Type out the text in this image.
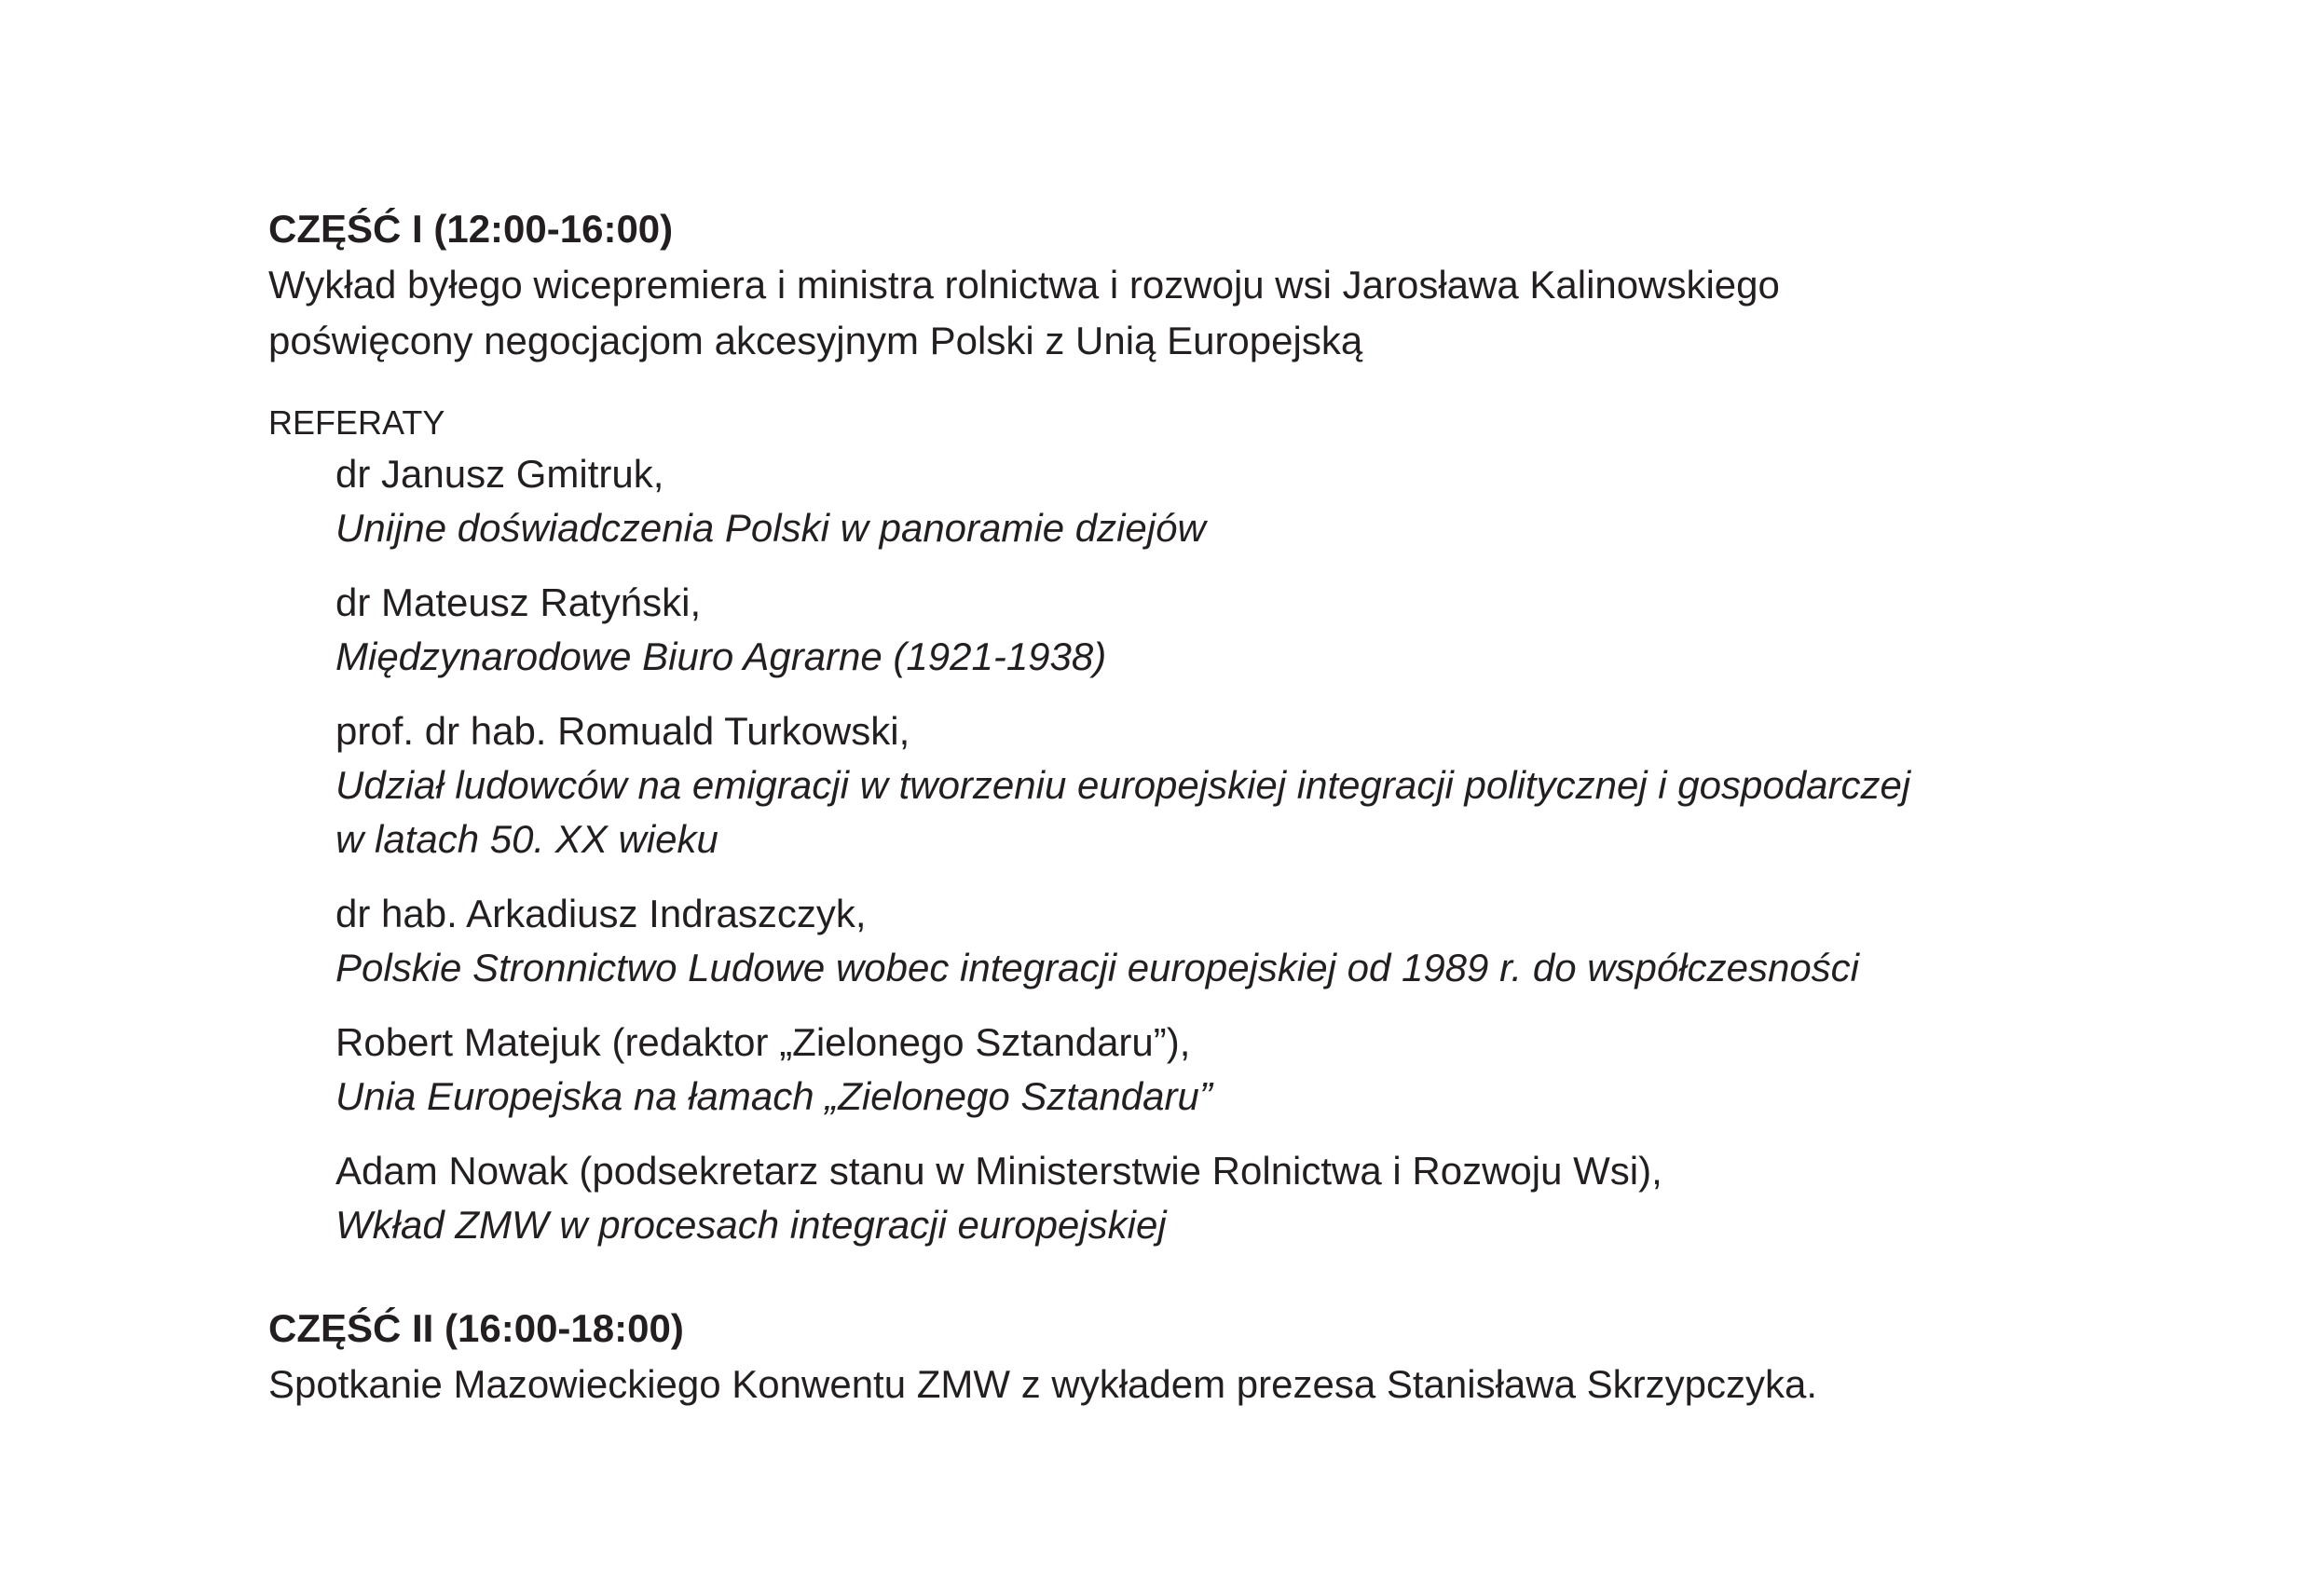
CZĘŚĆ I (12:00-16:00)

Wykład byłego wicepremiera i ministra rolnictwa i rozwoju wsi Jarosława Kalinowskiego
poświęcony negocjacjom akcesyjnym Polski z Unią Europejską

REFERATY
dr Janusz Gmitruk,
Unijne doświadczenia Polski w panoramie dziejów
dr Mateusz Ratyński,
Międzynarodowe Biuro Agrarne (1921-1938)
prof. dr hab. Romuald Turkowski,
Udział ludowców na emigracji w tworzeniu europejskiej integracji politycznej i gospodarczej
w latach 50. XX wieku
dr hab. Arkadiusz Indraszczyk,
Polskie Stronnictwo Ludowe wobec integracji europejskiej od 1989 r. do współczesności
Robert Matejuk (redaktor „Zielonego Sztandaru”),
Unia Europejska na łamach „Zielonego Sztandaru”
Adam Nowak (podsekretarz stanu w Ministerstwie Rolnictwa i Rozwoju Wsi),
Wkład ZMW w procesach integracji europejskiej
CZĘŚĆ II (16:00-18:00)

Spotkanie Mazowieckiego Konwentu ZMW z wykładem prezesa Stanisława Skrzypczyka.
